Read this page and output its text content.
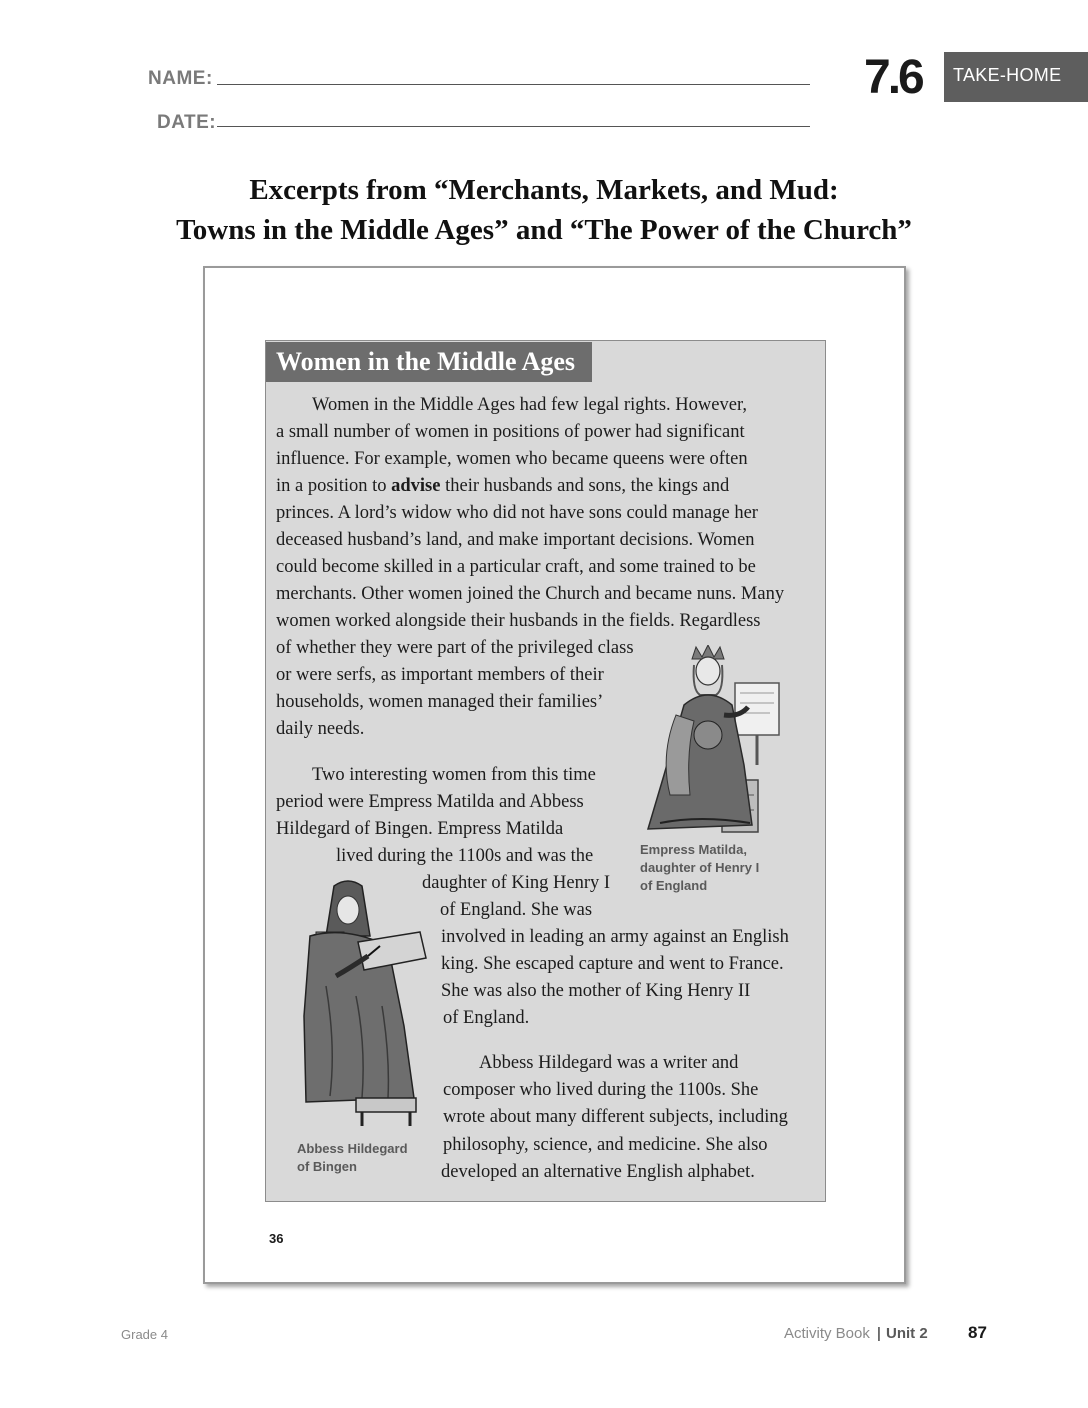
NAME:
DATE:
7.6	TAKE-HOME
Excerpts from “Merchants, Markets, and Mud:
Towns in the Middle Ages” and “The Power of the Church”
Women in the Middle Ages
Women in the Middle Ages had few legal rights. However,
a small number of women in positions of power had significant
influence. For example, women who became queens were often
in a position to advise their husbands and sons, the kings and
princes. A lord’s widow who did not have sons could manage her
deceased husband’s land, and make important decisions. Women
could become skilled in a particular craft, and some trained to be
merchants. Other women joined the Church and became nuns. Many
women worked alongside their husbands in the fields. Regardless
of whether they were part of the privileged class
or were serfs, as important members of their
households, women managed their families’
daily needs.
Two interesting women from this time
period were Empress Matilda and Abbess
Hildegard of Bingen. Empress Matilda
lived during the 1100s and was the
daughter of King Henry I
of England. She was
involved in leading an army against an English
king. She escaped capture and went to France.
She was also the mother of King Henry II
of England.
Abbess Hildegard was a writer and
composer who lived during the 1100s. She
wrote about many different subjects, including
philosophy, science, and medicine. She also
developed an alternative English alphabet.
Empress Matilda,
daughter of Henry I
of England
Abbess Hildegard
of Bingen
36
Grade 4	Activity Book | Unit 2 87
